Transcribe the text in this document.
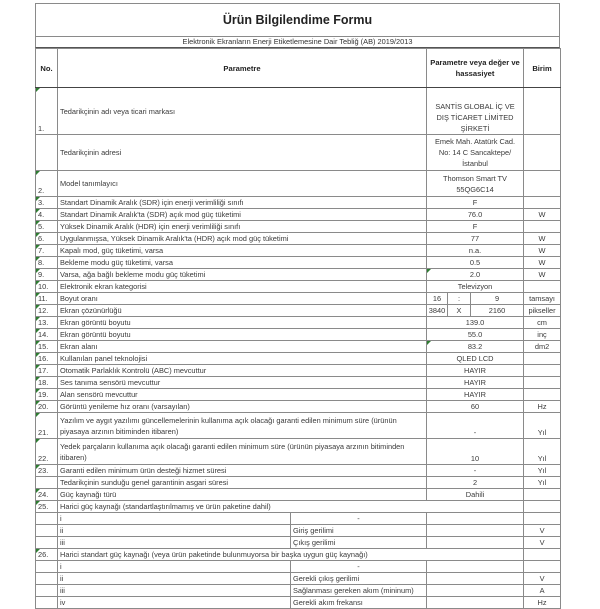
Ürün Bilgilendime Formu
Elektronik Ekranların Enerji Etiketlemesine Dair Tebliğ (AB) 2019/2013
No.	Parametre		Parametre veya değer ve hassasiyet			Birim
1.	Tedarikçinin adı veya ticari markası		SANTİS GLOBAL İÇ VE DIŞ TİCARET LİMİTED ŞİRKETİ			
	Tedarikçinin adresi		Emek Mah. Atatürk Cad. No: 14 C Sancaktepe/İstanbul			
2.	Model tanımlayıcı		Thomson Smart TV 55QG6C14			
3.	Standart Dinamik Aralık (SDR) için enerji verimliliği sınıfı		F			
4.	Standart Dinamik Aralık'ta (SDR) açık mod güç tüketimi		76.0			W
5.	Yüksek Dinamik Aralık (HDR) için enerji verimliliği sınıfı		F			
6.	Uygulanmışsa, Yüksek Dinamik Aralık'ta (HDR) açık mod güç tüketimi		77			W
7.	Kapalı mod, güç tüketimi, varsa		n.a.			W
8.	Bekleme modu güç tüketimi, varsa		0.5			W
9.	Varsa, ağa bağlı bekleme modu güç tüketimi		2.0			W
10.	Elektronik ekran kategorisi		Televizyon			
11.	Boyut oranı		16	:	9	tamsayı
12.	Ekran çözünürlüğü		3840	X	2160	pikseller
13.	Ekran görüntü boyutu		139.0			cm
14.	Ekran görüntü boyutu		55.0			inç
15.	Ekran alanı		83.2			dm2
16.	Kullanılan panel teknolojisi		QLED LCD			
17.	Otomatik Parlaklık Kontrolü (ABC) mevcuttur		HAYIR			
18.	Ses tanıma sensörü mevcuttur		HAYIR			
19.	Alan sensörü mevcuttur		HAYIR			
20.	Görüntü yenileme hız oranı (varsayılan)		60			Hz
21.	Yazılım ve aygıt yazılımı güncellemelerinin kullanıma açık olacağı garanti edilen minimum süre (ürünün piyasaya arzının bitiminden itibaren)		-			Yıl
22.	Yedek parçaların kullanıma açık olacağı garanti edilen minimum süre (ürünün piyasaya arzının bitiminden itibaren)		10			Yıl
23.	Garanti edilen minimum ürün desteği hizmet süresi		-			Yıl
	Tedarikçinin sunduğu genel garantinin asgari süresi		2			Yıl
24.	Güç kaynağı türü		Dahili			
25.	Harici güç kaynağı (standartlaştırılmamış ve ürün paketine dahil)					
	i	-				
	ii	Giriş gerilimi				V
	iii	Çıkış gerilimi				V
26.	Harici standart güç kaynağı (veya ürün paketinde bulunmuyorsa bir başka uygun güç kaynağı)					
	i	-				
	ii	Gerekli çıkış gerilimi				V
	iii	Sağlanması gereken akım (mininum)				A
	iv	Gerekli akım frekansı				Hz
